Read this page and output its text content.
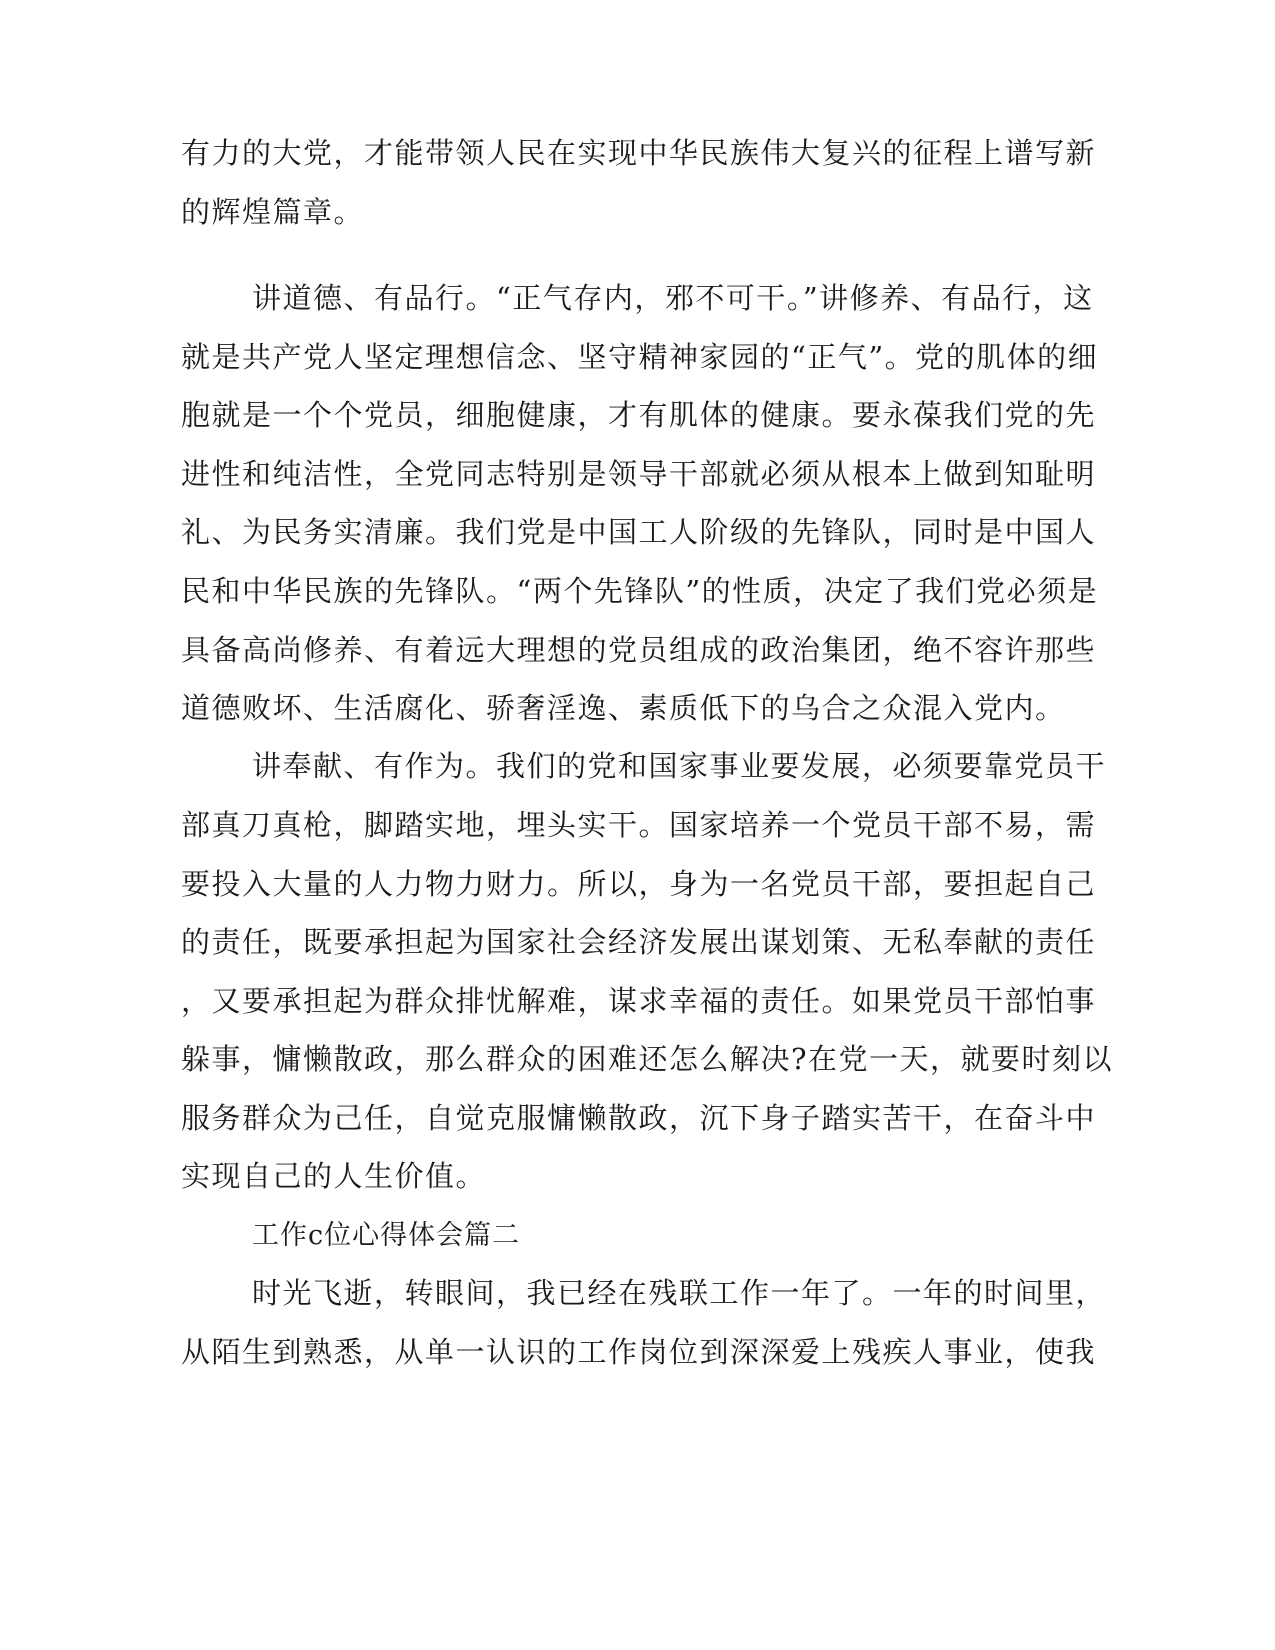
有力的大党，才能带领人民在实现中华民族伟大复兴的征程上谱写新
的辉煌篇章。
讲道德、有品行。“正气存内，邪不可干。”讲修养、有品行，这
就是共产党人坚定理想信念、坚守精神家园的“正气”。党的肌体的细
胞就是一个个党员，细胞健康，才有肌体的健康。要永葆我们党的先
进性和纯洁性，全党同志特别是领导干部就必须从根本上做到知耻明
礼、为民务实清廉。我们党是中国工人阶级的先锋队，同时是中国人
民和中华民族的先锋队。“两个先锋队”的性质，决定了我们党必须是
具备高尚修养、有着远大理想的党员组成的政治集团，绝不容许那些
道德败坏、生活腐化、骄奢淫逸、素质低下的乌合之众混入党内。
讲奉献、有作为。我们的党和国家事业要发展，必须要靠党员干
部真刀真枪，脚踏实地，埋头实干。国家培养一个党员干部不易，需
要投入大量的人力物力财力。所以，身为一名党员干部，要担起自己
的责任，既要承担起为国家社会经济发展出谋划策、无私奉献的责任
，又要承担起为群众排忧解难，谋求幸福的责任。如果党员干部怕事
躲事，慵懒散政，那么群众的困难还怎么解决?在党一天，就要时刻以
服务群众为己任，自觉克服慵懒散政，沉下身子踏实苦干，在奋斗中
实现自己的人生价值。
工作c位心得体会篇二
时光飞逝，转眼间，我已经在残联工作一年了。一年的时间里，
从陌生到熟悉，从单一认识的工作岗位到深深爱上残疾人事业，使我
